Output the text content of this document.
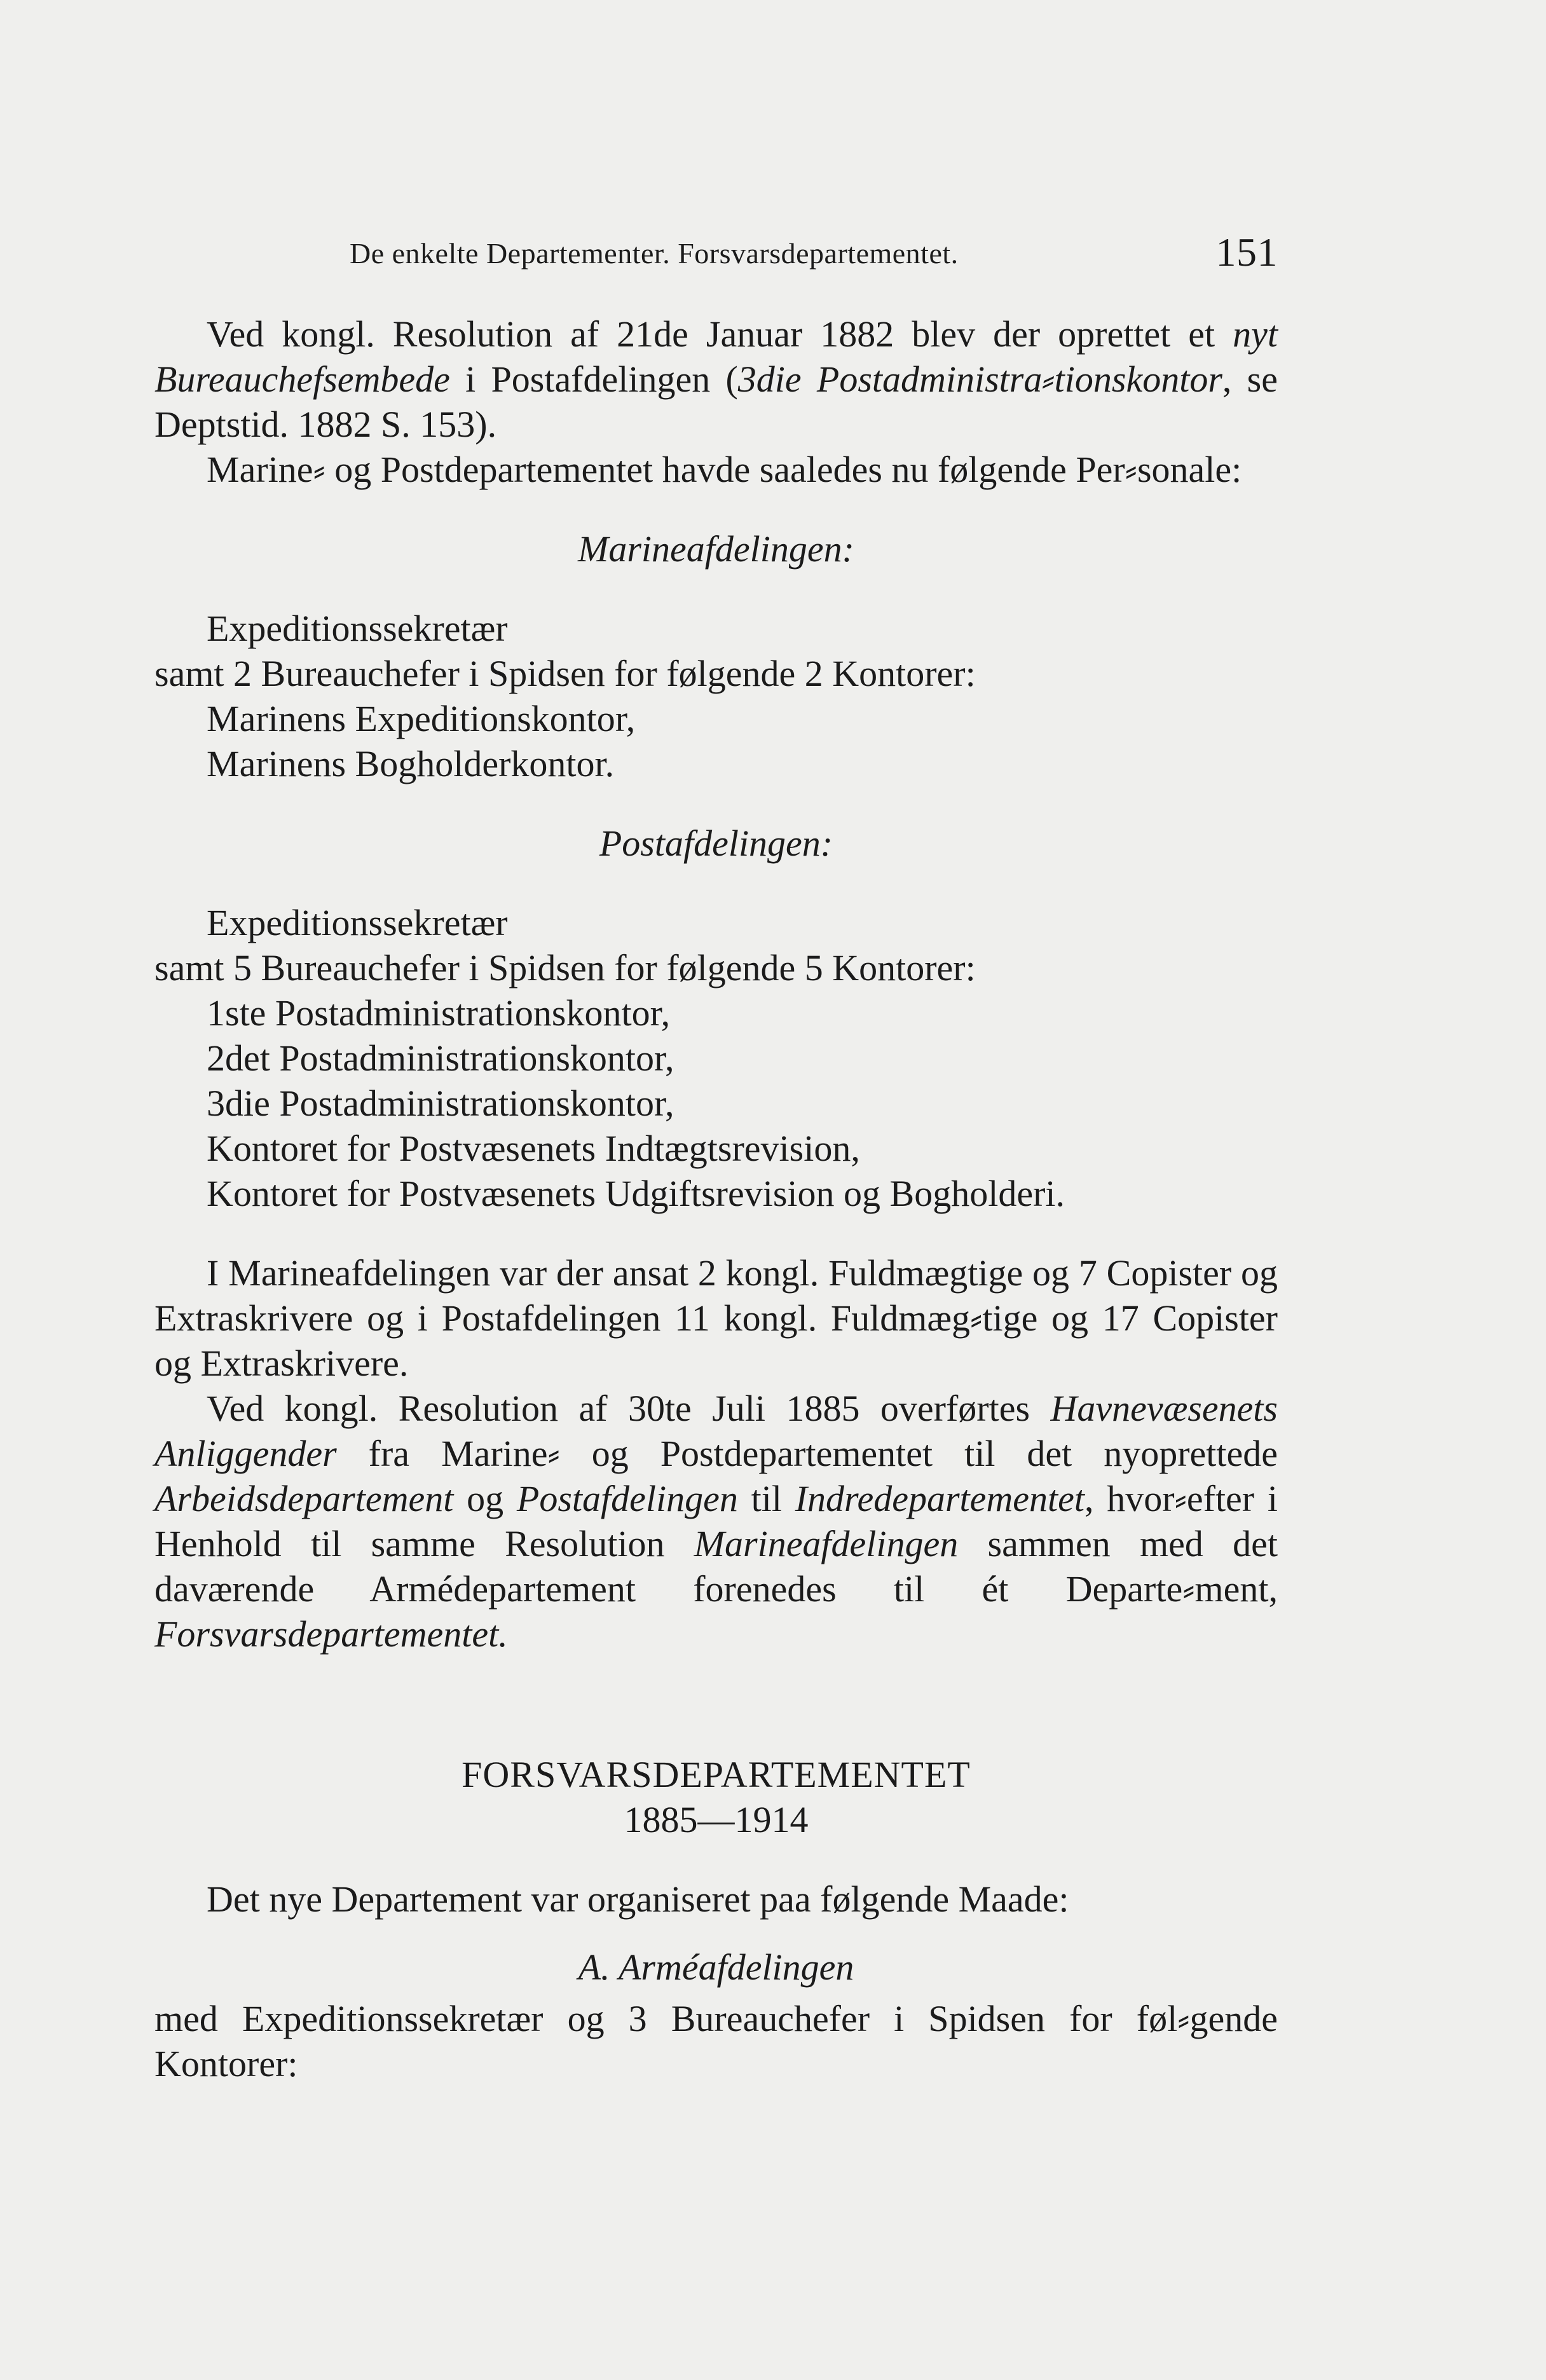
De enkelte Departementer. Forsvarsdepartementet.	151

Ved kongl. Resolution af 21de Januar 1882 blev der oprettet et nyt Bureauchefsembede i Postafdelingen (3die Postadministra⸗tionskontor, se Deptstid. 1882 S. 153).

Marine⸗ og Postdepartementet havde saaledes nu følgende Per⸗sonale:

Marineafdelingen:

Expeditionssekretær

samt 2 Bureauchefer i Spidsen for følgende 2 Kontorer:

Marinens Expeditionskontor,

Marinens Bogholderkontor.

Postafdelingen:

Expeditionssekretær

samt 5 Bureauchefer i Spidsen for følgende 5 Kontorer:

1ste Postadministrationskontor,

2det Postadministrationskontor,

3die Postadministrationskontor,

Kontoret for Postvæsenets Indtægtsrevision,

Kontoret for Postvæsenets Udgiftsrevision og Bogholderi.

I Marineafdelingen var der ansat 2 kongl. Fuldmægtige og 7 Copister og Extraskrivere og i Postafdelingen 11 kongl. Fuldmæg⸗tige og 17 Copister og Extraskrivere.

Ved kongl. Resolution af 30te Juli 1885 overførtes Havnevæsenets Anliggender fra Marine⸗ og Postdepartementet til det nyoprettede Arbeidsdepartement og Postafdelingen til Indredepartementet, hvor⸗efter i Henhold til samme Resolution Marineafdelingen sammen med det daværende Armédepartement forenedes til ét Departe⸗ment, Forsvarsdepartementet.

FORSVARSDEPARTEMENTET

1885—1914

Det nye Departement var organiseret paa følgende Maade:

A. Arméafdelingen

med Expeditionssekretær og 3 Bureauchefer i Spidsen for føl⸗gende Kontorer:
